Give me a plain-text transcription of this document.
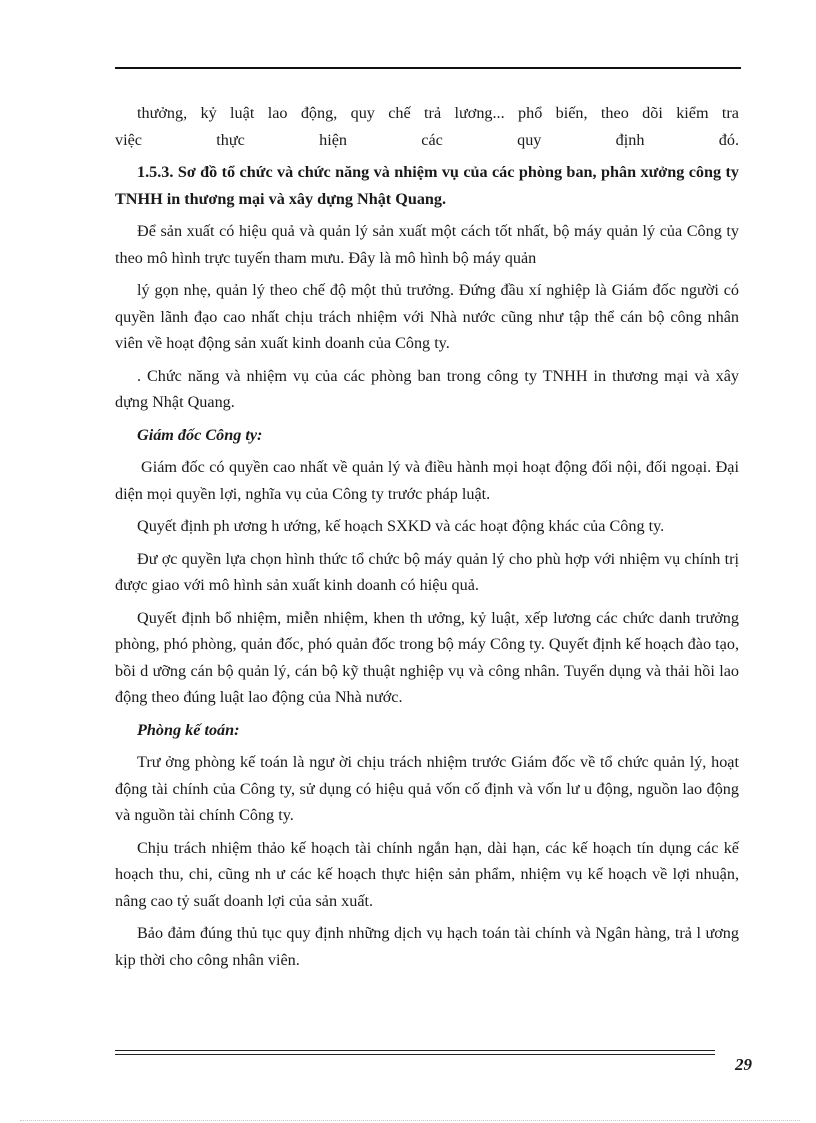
thưởng, kỷ luật lao động, quy chế trả lương... phổ biến, theo dõi kiểm tra
việc thực hiện các quy định đó.

1.5.3. Sơ đồ tổ chức và chức năng và nhiệm vụ của các phòng ban, phân xưởng công ty TNHH in thương mại và xây dựng Nhật Quang.

Để sản xuất có hiệu quả và quản lý sản xuất một cách tốt nhất, bộ máy quản lý của Công ty theo mô hình trực tuyến tham mưu. Đây là mô hình bộ máy quản

lý gọn nhẹ, quản lý theo chế độ một thủ trưởng. Đứng đầu xí nghiệp là Giám đốc người có quyền lãnh đạo cao nhất chịu trách nhiệm với Nhà nước cũng như tập thể cán bộ công nhân viên về hoạt động sản xuất kinh doanh của Công ty.

. Chức năng và nhiệm vụ của các phòng ban trong công ty TNHH in thương mại và xây dựng Nhật Quang.

Giám đốc Công ty:

Giám đốc có quyền cao nhất về quản lý và điều hành mọi hoạt động đối nội, đối ngoại. Đại diện mọi quyền lợi, nghĩa vụ của Công ty trước pháp luật.

Quyết định ph ương h ướng, kế hoạch SXKD và các hoạt động khác của Công ty.

Đư ợc quyền lựa chọn hình thức tổ chức bộ máy quản lý cho phù hợp với nhiệm vụ chính trị được giao với mô hình sản xuất kinh doanh có hiệu quả.

Quyết định bổ nhiệm, miễn nhiệm, khen th ưởng, kỷ luật, xếp lương các chức danh trưởng phòng, phó phòng, quản đốc, phó quản đốc trong bộ máy Công ty. Quyết định kế hoạch đào tạo, bồi d ưỡng cán bộ quản lý, cán bộ kỹ thuật nghiệp vụ và công nhân. Tuyển dụng và thải hồi lao động theo đúng luật lao động của Nhà nước.

Phòng kế toán:

Trư ởng phòng kế toán là ngư ời chịu trách nhiệm trước Giám đốc về tổ chức quản lý, hoạt động tài chính của Công ty, sử dụng có hiệu quả vốn cố định và vốn lư u động, nguồn lao động và nguồn tài chính Công ty.

Chịu trách nhiệm thảo kế hoạch tài chính ngắn hạn, dài hạn, các kế hoạch tín dụng các kế hoạch thu, chi, cũng nh ư các kế hoạch thực hiện sản phẩm, nhiệm vụ kế hoạch về lợi nhuận, nâng cao tỷ suất doanh lợi của sản xuất.

Bảo đảm đúng thủ tục quy định những dịch vụ hạch toán tài chính và Ngân hàng, trả l ương kịp thời cho công nhân viên.

29
